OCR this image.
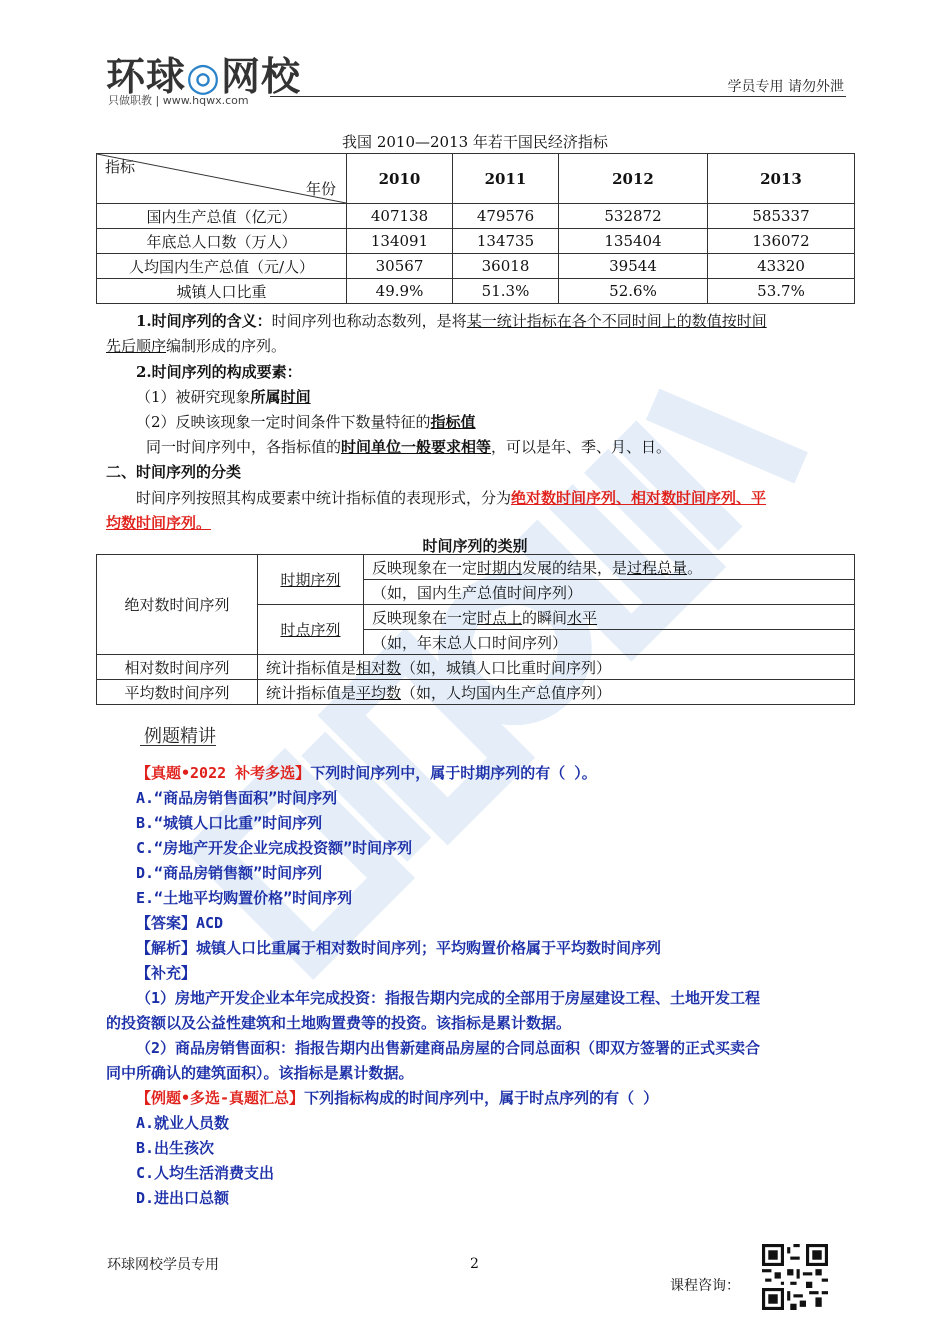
环球◎网校
只做职教 | www.hqwx.com
学员专用 请勿外泄
我国 2010—2013 年若干国民经济指标
指标
年份	2010	2011	2012	2013
国内生产总值（亿元）	407138	479576	532872	585337
年底总人口数（万人）	134091	134735	135404	136072
人均国内生产总值（元/人）	30567	36018	39544	43320
城镇人口比重	49.9%	51.3%	52.6%	53.7%
1.时间序列的含义：时间序列也称动态数列，是将某一统计指标在各个不同时间上的数值按时间
先后顺序编制形成的序列。
2.时间序列的构成要素：
（1）被研究现象所属时间
（2）反映该现象一定时间条件下数量特征的指标值
同一时间序列中，各指标值的时间单位一般要求相等，可以是年、季、月、日。
二、时间序列的分类
时间序列按照其构成要素中统计指标值的表现形式，分为绝对数时间序列、相对数时间序列、平
均数时间序列。
时间序列的类别
绝对数时间序列	时期序列	反映现象在一定时期内发展的结果，是过程总量。
		（如，国内生产总值时间序列）
	时点序列	反映现象在一定时点上的瞬间水平
		（如，年末总人口时间序列）
相对数时间序列	统计指标值是相对数（如，城镇人口比重时间序列）	
平均数时间序列	统计指标值是平均数（如，人均国内生产总值序列）	
例题精讲
【真题•2022 补考多选】下列时间序列中，属于时期序列的有（ ）。
A.“商品房销售面积”时间序列
B.“城镇人口比重”时间序列
C.“房地产开发企业完成投资额”时间序列
D.“商品房销售额”时间序列
E.“土地平均购置价格”时间序列
【答案】ACD
【解析】城镇人口比重属于相对数时间序列；平均购置价格属于平均数时间序列
【补充】
（1）房地产开发企业本年完成投资：指报告期内完成的全部用于房屋建设工程、土地开发工程
的投资额以及公益性建筑和土地购置费等的投资。该指标是累计数据。
（2）商品房销售面积：指报告期内出售新建商品房屋的合同总面积（即双方签署的正式买卖合
同中所确认的建筑面积）。该指标是累计数据。
【例题•多选-真题汇总】下列指标构成的时间序列中，属于时点序列的有（ ）
A.就业人员数
B.出生孩次
C.人均生活消费支出
D.进出口总额
环球网校学员专用	2
课程咨询：
